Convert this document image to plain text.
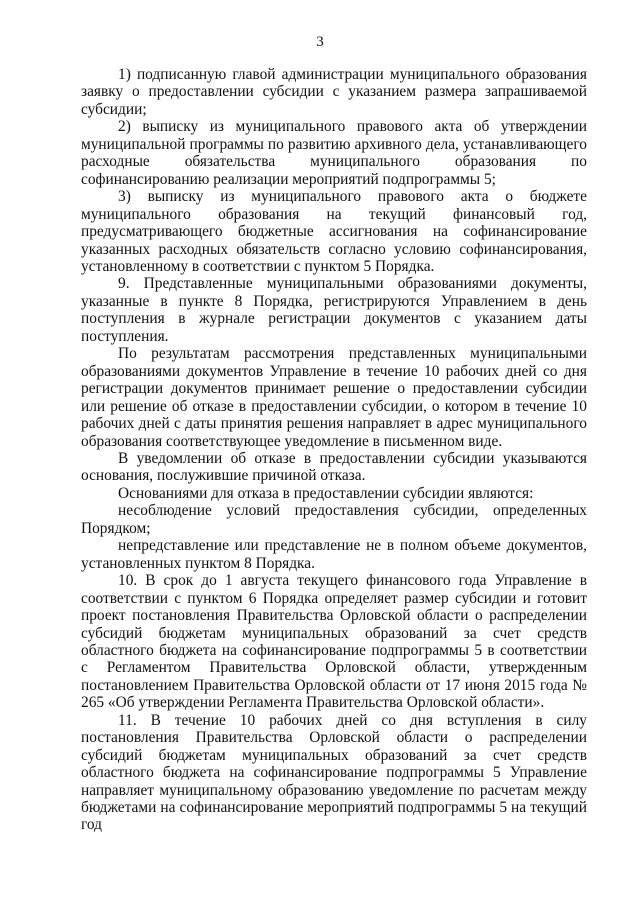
3

1) подписанную главой администрации муниципального образования заявку о предоставлении субсидии с указанием размера запрашиваемой субсидии;

2) выписку из муниципального правового акта об утверждении муниципальной программы по развитию архивного дела, устанавливающего расходные обязательства муниципального образования по софинансированию реализации мероприятий подпрограммы 5;

3) выписку из муниципального правового акта о бюджете муниципального образования на текущий финансовый год, предусматривающего бюджетные ассигнования на софинансирование указанных расходных обязательств согласно условию софинансирования, установленному в соответствии с пунктом 5 Порядка.

9. Представленные муниципальными образованиями документы, указанные в пункте 8 Порядка, регистрируются Управлением в день поступления в журнале регистрации документов с указанием даты поступления.

По результатам рассмотрения представленных муниципальными образованиями документов Управление в течение 10 рабочих дней со дня регистрации документов принимает решение о предоставлении субсидии или решение об отказе в предоставлении субсидии, о котором в течение 10 рабочих дней с даты принятия решения направляет в адрес муниципального образования соответствующее уведомление в письменном виде.

В уведомлении об отказе в предоставлении субсидии указываются основания, послужившие причиной отказа.

Основаниями для отказа в предоставлении субсидии являются:

несоблюдение условий предоставления субсидии, определенных Порядком;

непредставление или представление не в полном объеме документов, установленных пунктом 8 Порядка.

10. В срок до 1 августа текущего финансового года Управление в соответствии с пунктом 6 Порядка определяет размер субсидии и готовит проект постановления Правительства Орловской области о распределении субсидий бюджетам муниципальных образований за счет средств областного бюджета на софинансирование подпрограммы 5 в соответствии с Регламентом Правительства Орловской области, утвержденным постановлением Правительства Орловской области от 17 июня 2015 года № 265 «Об утверждении Регламента Правительства Орловской области».

11. В течение 10 рабочих дней со дня вступления в силу постановления Правительства Орловской области о распределении субсидий бюджетам муниципальных образований за счет средств областного бюджета на софинансирование подпрограммы 5 Управление направляет муниципальному образованию уведомление по расчетам между бюджетами на софинансирование мероприятий подпрограммы 5 на текущий год
